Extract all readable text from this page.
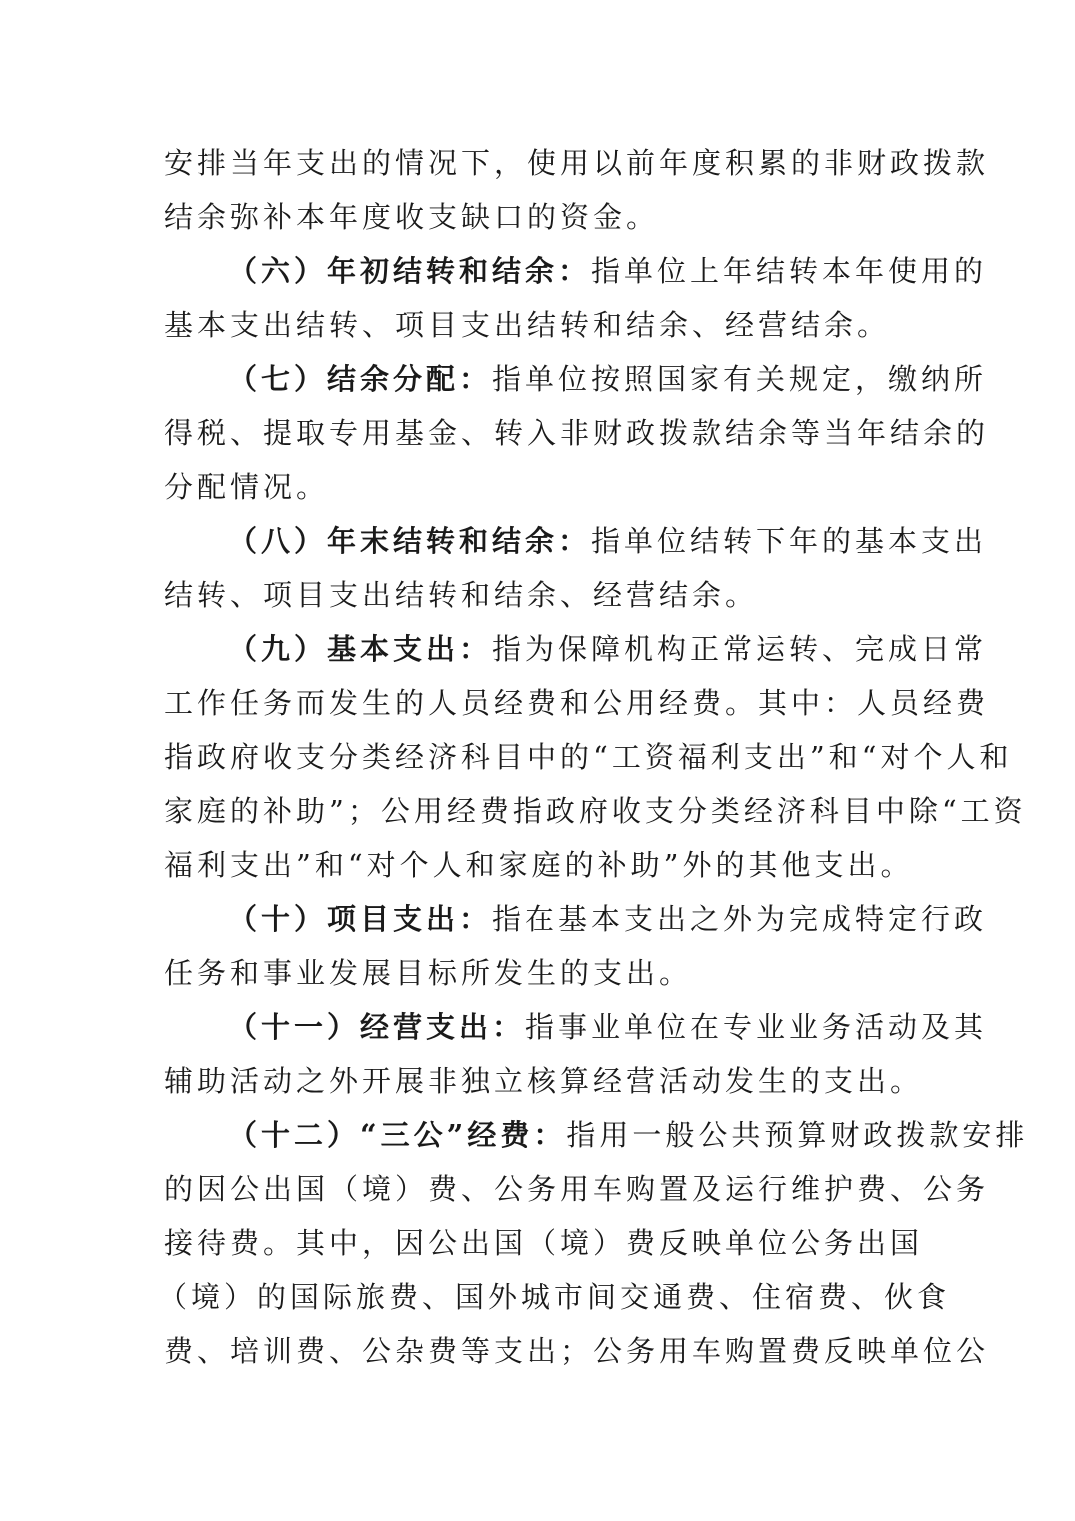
安排当年支出的情况下，使用以前年度积累的非财政拨款
结余弥补本年度收支缺口的资金。
（六）年初结转和结余：指单位上年结转本年使用的
基本支出结转、项目支出结转和结余、经营结余。
（七）结余分配：指单位按照国家有关规定，缴纳所
得税、提取专用基金、转入非财政拨款结余等当年结余的
分配情况。
（八）年末结转和结余：指单位结转下年的基本支出
结转、项目支出结转和结余、经营结余。
（九）基本支出：指为保障机构正常运转、完成日常
工作任务而发生的人员经费和公用经费。其中：人员经费
指政府收支分类经济科目中的“工资福利支出”和“对个人和
家庭的补助”；公用经费指政府收支分类经济科目中除“工资
福利支出”和“对个人和家庭的补助”外的其他支出。
（十）项目支出：指在基本支出之外为完成特定行政
任务和事业发展目标所发生的支出。
（十一）经营支出：指事业单位在专业业务活动及其
辅助活动之外开展非独立核算经营活动发生的支出。
（十二）“三公”经费：指用一般公共预算财政拨款安排
的因公出国（境）费、公务用车购置及运行维护费、公务
接待费。其中，因公出国（境）费反映单位公务出国
（境）的国际旅费、国外城市间交通费、住宿费、伙食
费、培训费、公杂费等支出；公务用车购置费反映单位公
